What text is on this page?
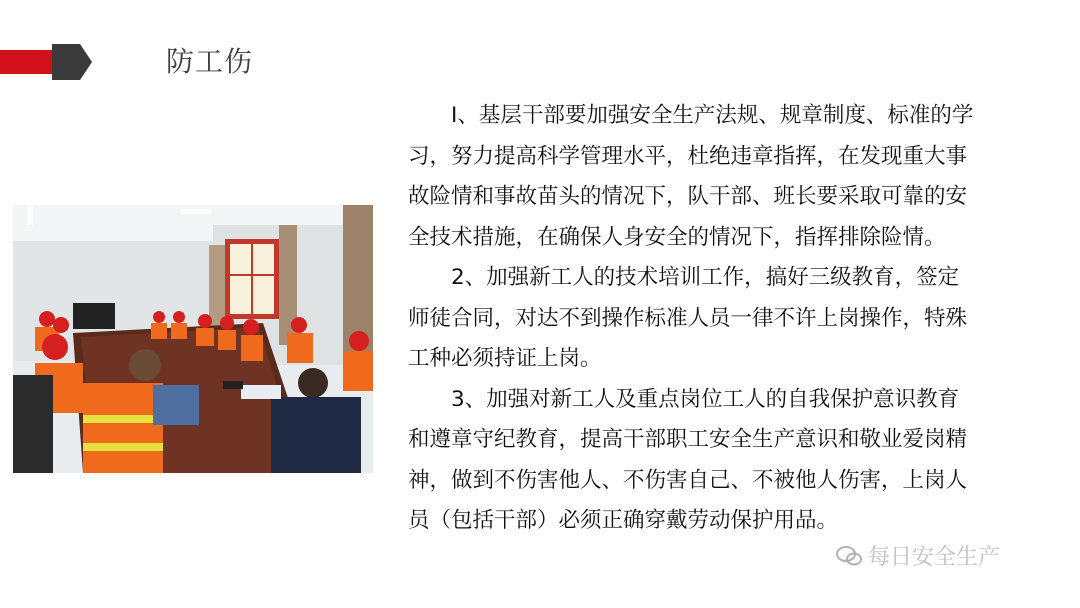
防工伤

Ⅰ、基层干部要加强安全生产法规、规章制度、标准的学习，努力提高科学管理水平，杜绝违章指挥，在发现重大事故险情和事故苗头的情况下，队干部、班长要采取可靠的安全技术措施，在确保人身安全的情况下，指挥排除险情。

2、加强新工人的技术培训工作，搞好三级教育，签定师徒合同，对达不到操作标准人员一律不许上岗操作，特殊工种必须持证上岗。

3、加强对新工人及重点岗位工人的自我保护意识教育和遵章守纪教育，提高干部职工安全生产意识和敬业爱岗精神，做到不伤害他人、不伤害自己、不被他人伤害，上岗人员（包括干部）必须正确穿戴劳动保护用品。

每日安全生产
